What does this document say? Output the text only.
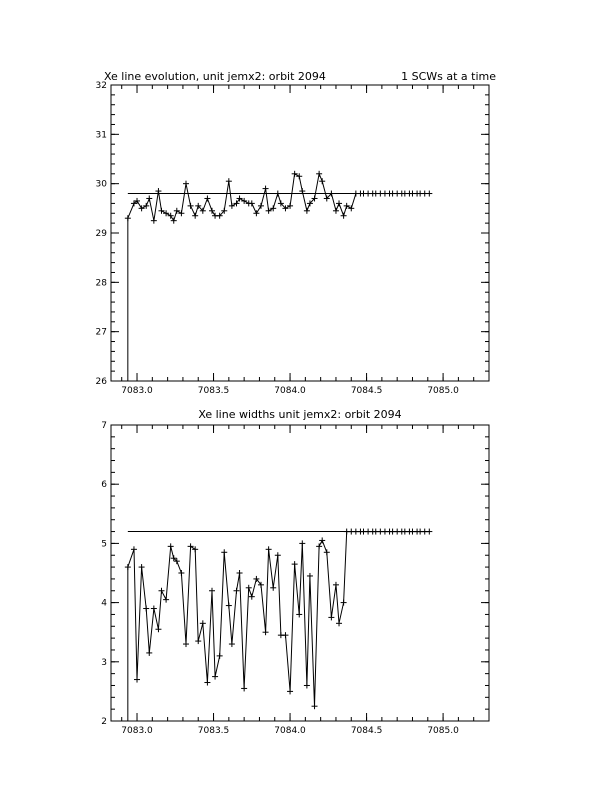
Xe line evolution, unit jemx2: orbit 2094	1 SCWs at a time
7083.0	7083.5	7084.0	7084.5	7085.0
26
27
28
29
30
31
32
Xe line widths unit jemx2: orbit 2094
7083.0	7083.5	7084.0	7084.5	7085.0
2
3
4
5
6
7
